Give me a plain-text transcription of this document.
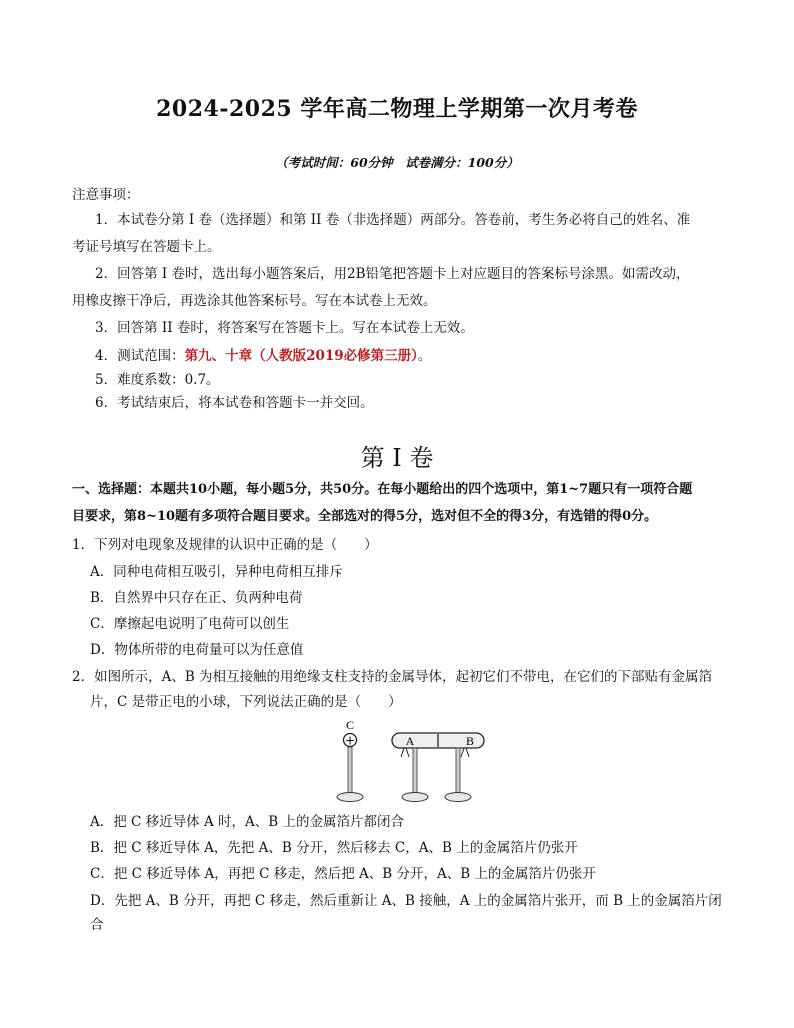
2024-2025 学年高二物理上学期第一次月考卷
（考试时间：60分钟　试卷满分：100分）
注意事项：
1．本试卷分第 I 卷（选择题）和第 II 卷（非选择题）两部分。答卷前，考生务必将自己的姓名、准
考证号填写在答题卡上。
2．回答第 I 卷时，选出每小题答案后，用2B铅笔把答题卡上对应题目的答案标号涂黑。如需改动，
用橡皮擦干净后，再选涂其他答案标号。写在本试卷上无效。
3．回答第 II 卷时，将答案写在答题卡上。写在本试卷上无效。
4．测试范围：第九、十章（人教版2019必修第三册）。
5．难度系数：0.7。
6．考试结束后，将本试卷和答题卡一并交回。
第 I 卷
一、选择题：本题共10小题，每小题5分，共50分。在每小题给出的四个选项中，第1~7题只有一项符合题
目要求，第8~10题有多项符合题目要求。全部选对的得5分，选对但不全的得3分，有选错的得0分。
1．下列对电现象及规律的认识中正确的是（　　）
A．同种电荷相互吸引，异种电荷相互排斥
B．自然界中只存在正、负两种电荷
C．摩擦起电说明了电荷可以创生
D．物体所带的电荷量可以为任意值
2．如图所示，A、B 为相互接触的用绝缘支柱支持的金属导体，起初它们不带电，在它们的下部贴有金属箔
片，C 是带正电的小球，下列说法正确的是（　　）
C
+	A	B
A．把 C 移近导体 A 时，A、B 上的金属箔片都闭合
B．把 C 移近导体 A，先把 A、B 分开，然后移去 C，A、B 上的金属箔片仍张开
C．把 C 移近导体 A，再把 C 移走，然后把 A、B 分开，A、B 上的金属箔片仍张开
D．先把 A、B 分开，再把 C 移走，然后重新让 A、B 接触，A 上的金属箔片张开，而 B 上的金属箔片闭
合
